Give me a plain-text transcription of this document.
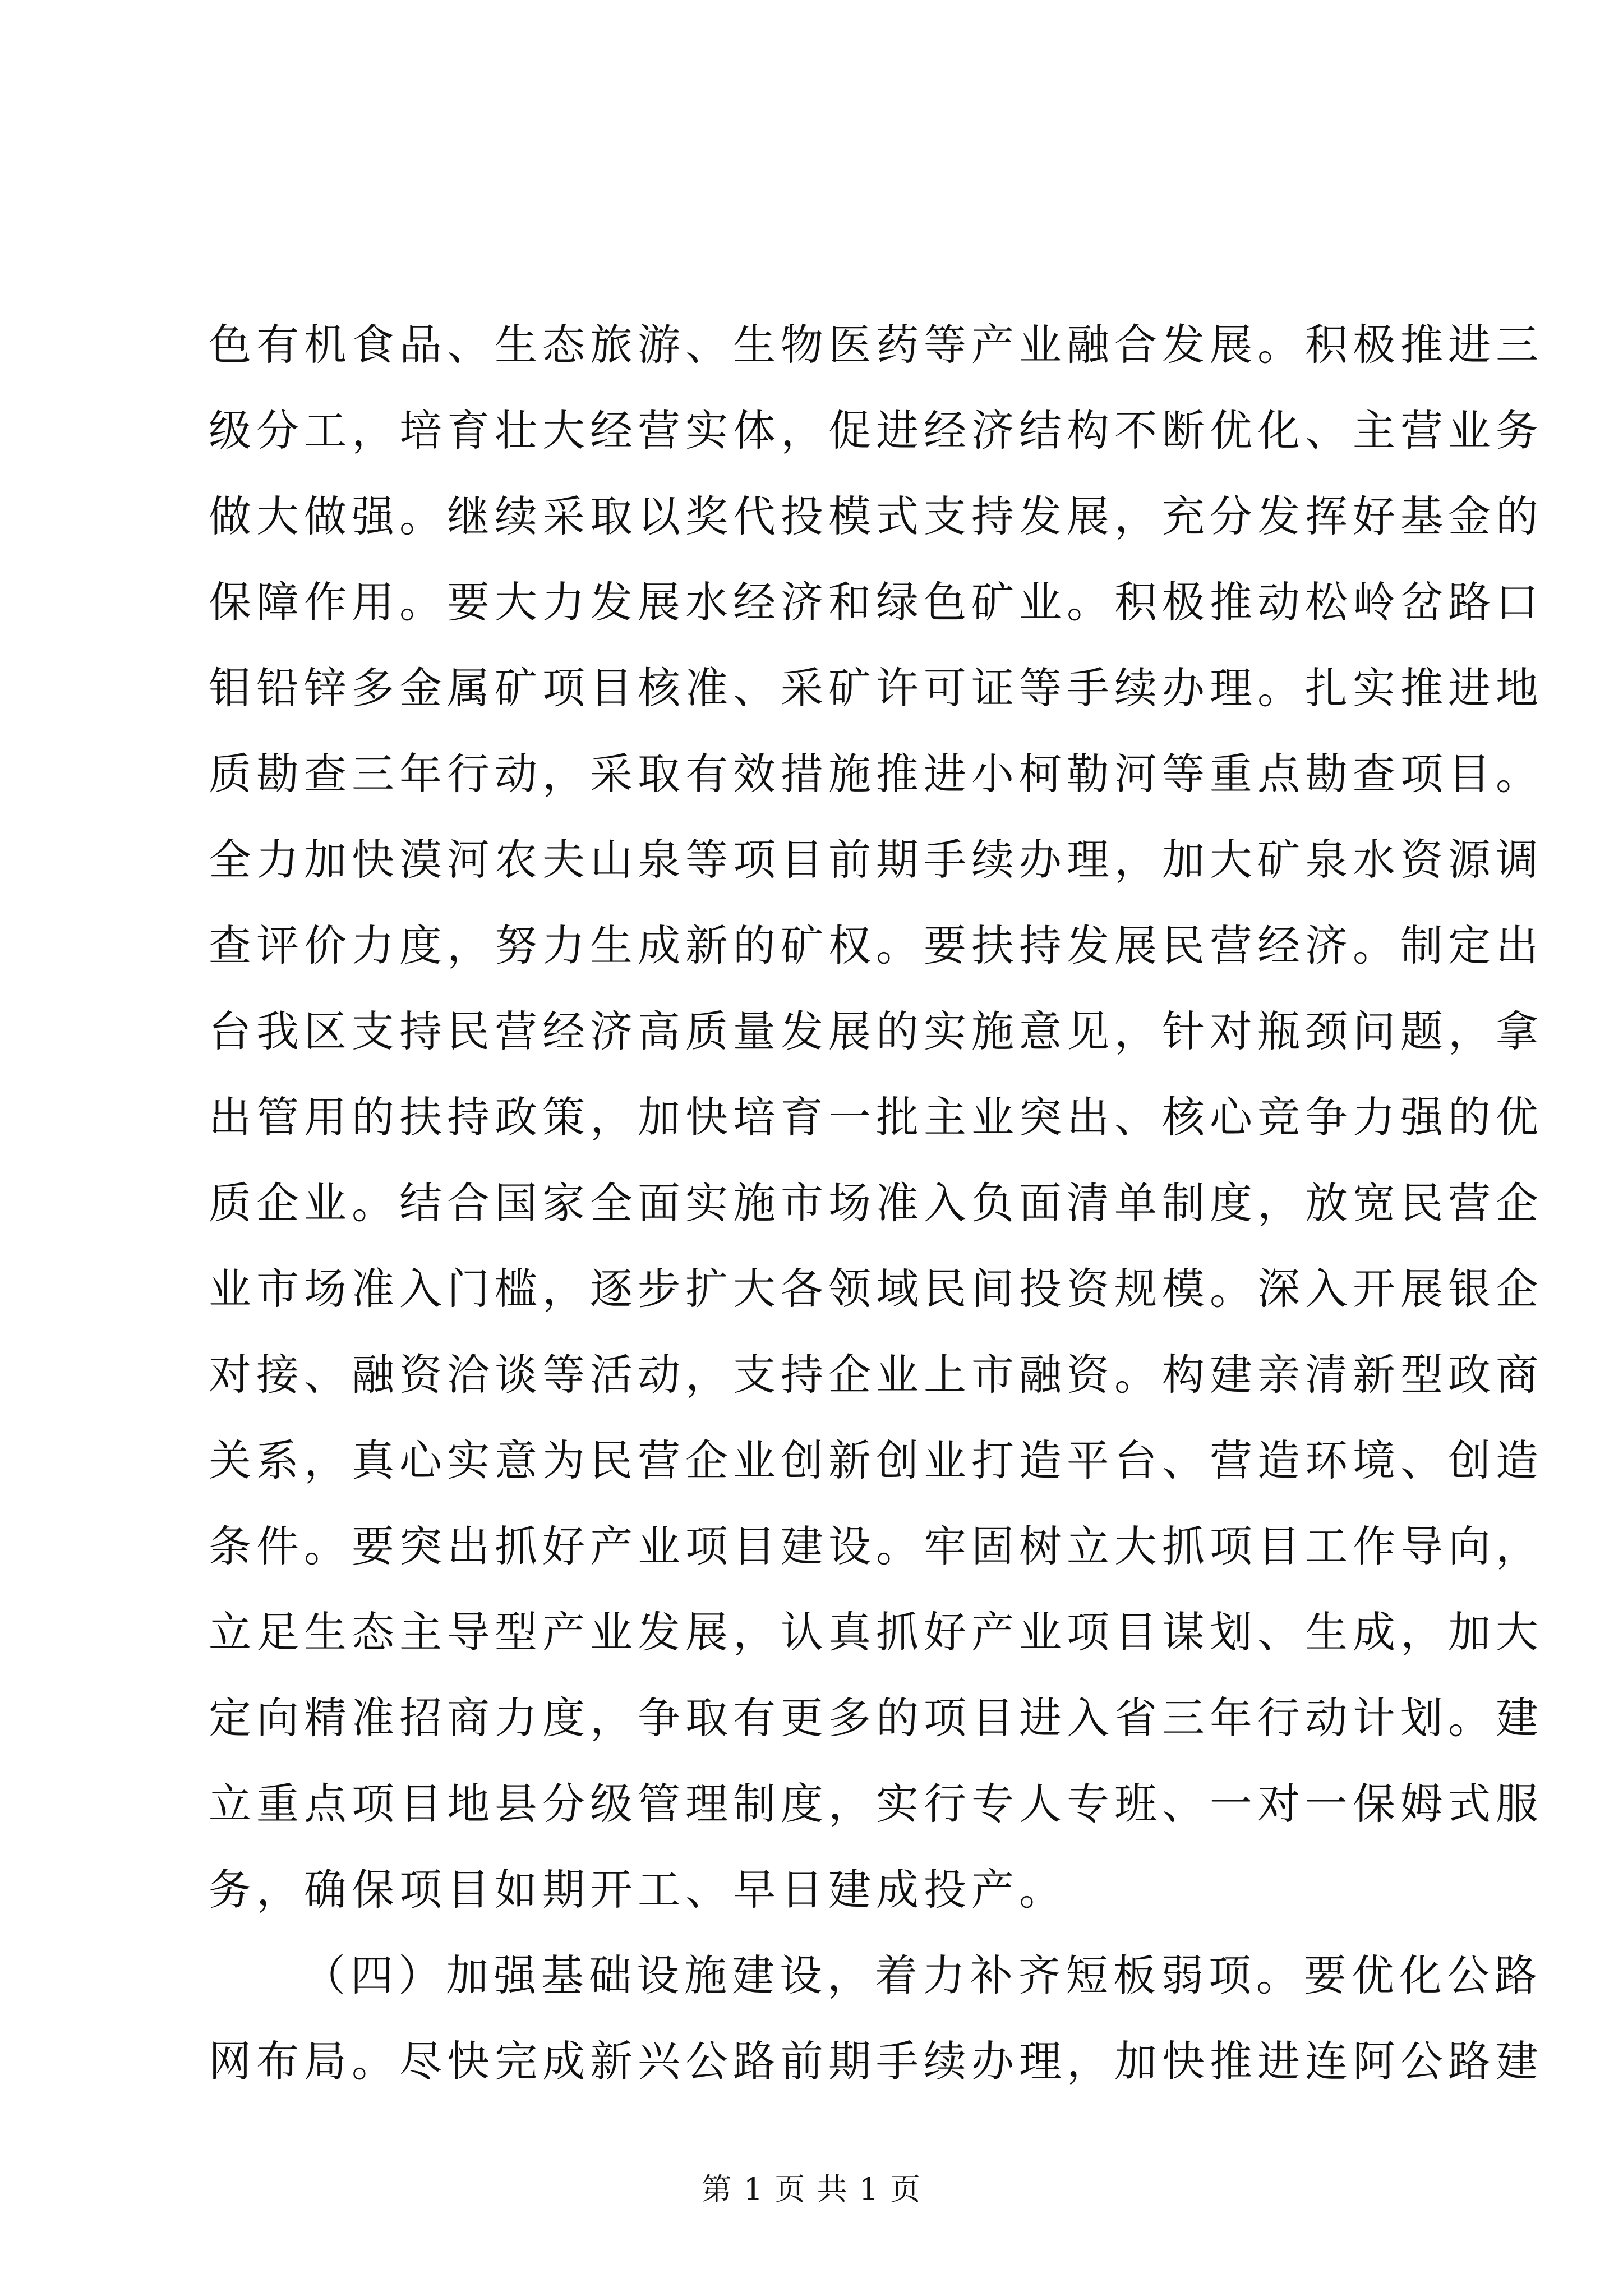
色有机食品、生态旅游、生物医药等产业融合发展。积极推进三
级分工，培育壮大经营实体，促进经济结构不断优化、主营业务
做大做强。继续采取以奖代投模式支持发展，充分发挥好基金的
保障作用。要大力发展水经济和绿色矿业。积极推动松岭岔路口
钼铅锌多金属矿项目核准、采矿许可证等手续办理。扎实推进地
质勘查三年行动，采取有效措施推进小柯勒河等重点勘查项目。
全力加快漠河农夫山泉等项目前期手续办理，加大矿泉水资源调
查评价力度，努力生成新的矿权。要扶持发展民营经济。制定出
台我区支持民营经济高质量发展的实施意见，针对瓶颈问题，拿
出管用的扶持政策，加快培育一批主业突出、核心竞争力强的优
质企业。结合国家全面实施市场准入负面清单制度，放宽民营企
业市场准入门槛，逐步扩大各领域民间投资规模。深入开展银企
对接、融资洽谈等活动，支持企业上市融资。构建亲清新型政商
关系，真心实意为民营企业创新创业打造平台、营造环境、创造
条件。要突出抓好产业项目建设。牢固树立大抓项目工作导向，
立足生态主导型产业发展，认真抓好产业项目谋划、生成，加大
定向精准招商力度，争取有更多的项目进入省三年行动计划。建
立重点项目地县分级管理制度，实行专人专班、一对一保姆式服
务，确保项目如期开工、早日建成投产。
（四）加强基础设施建设，着力补齐短板弱项。要优化公路
网布局。尽快完成新兴公路前期手续办理，加快推进连阿公路建
第 1 页 共 1 页
